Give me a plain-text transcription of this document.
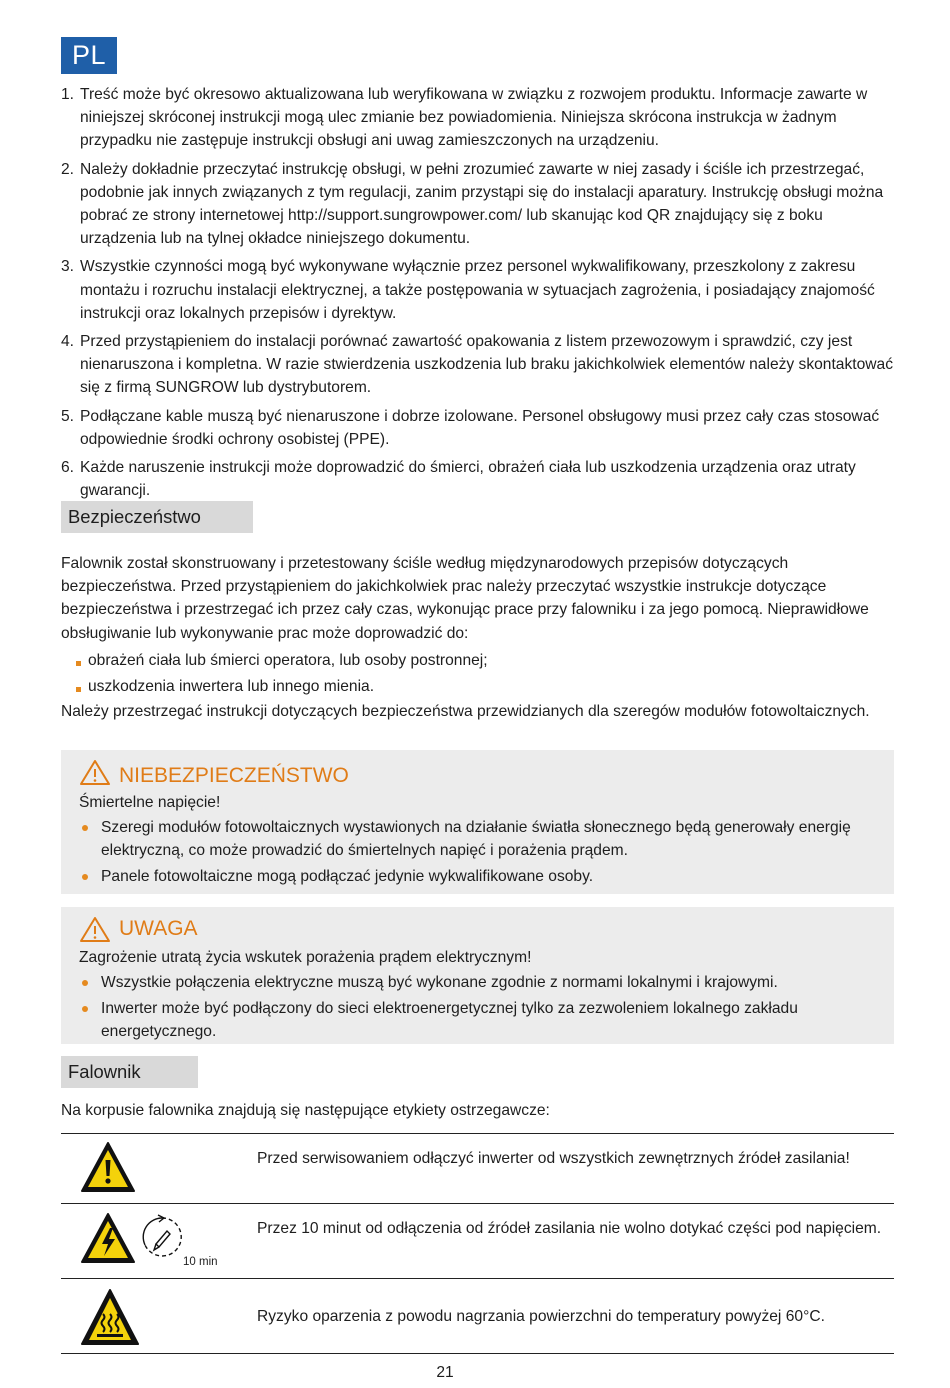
PL
1. Treść może być okresowo aktualizowana lub weryfikowana w związku z rozwojem produktu. Informacje zawarte w niniejszej skróconej instrukcji mogą ulec zmianie bez powiadomienia. Niniejsza skrócona instrukcja w żadnym przypadku nie zastępuje instrukcji obsługi ani uwag zamieszczonych na urządzeniu.
2. Należy dokładnie przeczytać instrukcję obsługi, w pełni zrozumieć zawarte w niej zasady i ściśle ich przestrzegać, podobnie jak innych związanych z tym regulacji, zanim przystąpi się do instalacji aparatury. Instrukcję obsługi można pobrać ze strony internetowej http://support.sungrowpower.com/ lub skanując kod QR znajdujący się z boku urządzenia lub na tylnej okładce niniejszego dokumentu.
3. Wszystkie czynności mogą być wykonywane wyłącznie przez personel wykwalifikowany, przeszkolony z zakresu montażu i rozruchu instalacji elektrycznej, a także postępowania w sytuacjach zagrożenia, i posiadający znajomość instrukcji oraz lokalnych przepisów i dyrektyw.
4. Przed przystąpieniem do instalacji porównać zawartość opakowania z listem przewozowym i sprawdzić, czy jest nienaruszona i kompletna. W razie stwierdzenia uszkodzenia lub braku jakichkolwiek elementów należy skontaktować się z firmą SUNGROW lub dystrybutorem.
5. Podłączane kable muszą być nienaruszone i dobrze izolowane. Personel obsługowy musi przez cały czas stosować odpowiednie środki ochrony osobistej (PPE).
6. Każde naruszenie instrukcji może doprowadzić do śmierci, obrażeń ciała lub uszkodzenia urządzenia oraz utraty gwarancji.
Bezpieczeństwo

Falownik został skonstruowany i przetestowany ściśle według międzynarodowych przepisów dotyczących bezpieczeństwa. Przed przystąpieniem do jakichkolwiek prac należy przeczytać wszystkie instrukcje dotyczące bezpieczeństwa i przestrzegać ich przez cały czas, wykonując prace przy falowniku i za jego pomocą. Nieprawidłowe obsługiwanie lub wykonywanie prac może doprowadzić do:

obrażeń ciała lub śmierci operatora, lub osoby postronnej;
uszkodzenia inwertera lub innego mienia.

Należy przestrzegać instrukcji dotyczących bezpieczeństwa przewidzianych dla szeregów modułów fotowoltaicznych.

NIEBEZPIECZEŃSTWO
Śmiertelne napięcie!
Szeregi modułów fotowoltaicznych wystawionych na działanie światła słonecznego będą generowały energię elektryczną, co może prowadzić do śmiertelnych napięć i porażenia prądem.
Panele fotowoltaiczne mogą podłączać jedynie wykwalifikowane osoby.
UWAGA
Zagrożenie utratą życia wskutek porażenia prądem elektrycznym!
Wszystkie połączenia elektryczne muszą być wykonane zgodnie z normami lokalnymi i krajowymi.
Inwerter może być podłączony do sieci elektroenergetycznej tylko za zezwoleniem lokalnego zakładu energetycznego.
Falownik

Na korpusie falownika znajdują się następujące etykiety ostrzegawcze:

Przed serwisowaniem odłączyć inwerter od wszystkich zewnętrznych źródeł zasilania!
10 min
Przez 10 minut od odłączenia od źródeł zasilania nie wolno dotykać części pod napięciem.
Ryzyko oparzenia z powodu nagrzania powierzchni do temperatury powyżej 60°C.
21
